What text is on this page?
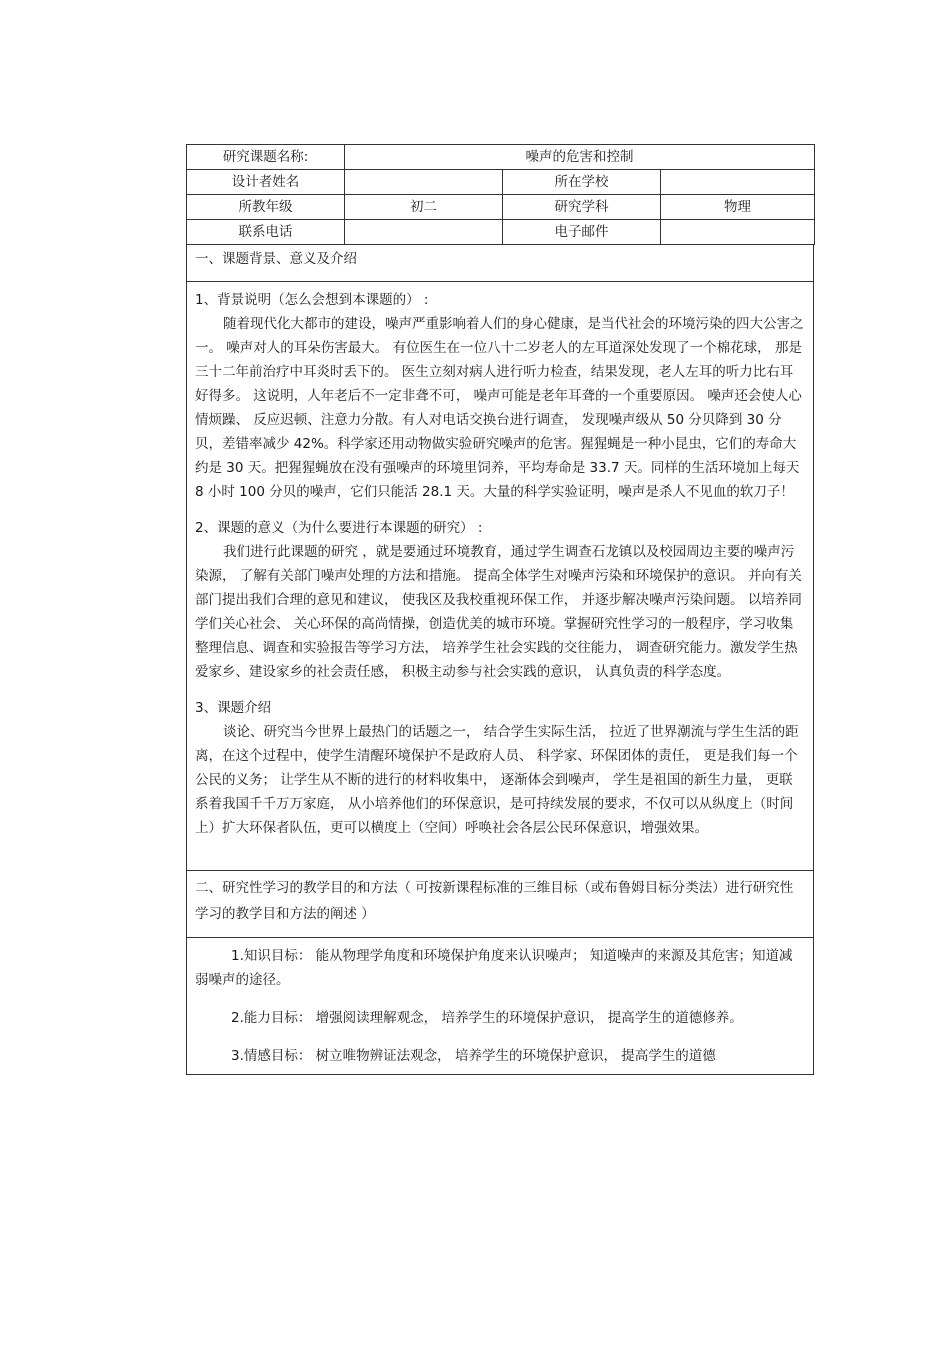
研究课题名称:	噪声的危害和控制		
设计者姓名		所在学校	
所教年级	初二	研究学科	物理
联系电话		电子邮件	
一、课题背景、意义及介绍

1、背景说明（怎么会想到本课题的） :

随着现代化大都市的建设，噪声严重影响着人们的身心健康，是当代社会的环境污染的四大公害之一。 噪声对人的耳朵伤害最大。 有位医生在一位八十二岁老人的左耳道深处发现了一个棉花球， 那是三十二年前治疗中耳炎时丢下的。 医生立刻对病人进行听力检查，结果发现，老人左耳的听力比右耳好得多。 这说明，人年老后不一定非聋不可， 噪声可能是老年耳聋的一个重要原因。 噪声还会使人心情烦躁、 反应迟顿、注意力分散。有人对电话交换台进行调查， 发现噪声级从 50 分贝降到 30 分贝，差错率减少 42%。科学家还用动物做实验研究噪声的危害。猩猩蝇是一种小昆虫，它们的寿命大约是 30 天。把猩猩蝇放在没有强噪声的环境里饲养，平均寿命是 33.7 天。同样的生活环境加上每天 8 小时 100 分贝的噪声，它们只能活 28.1 天。大量的科学实验证明，噪声是杀人不见血的软刀子！

2、课题的意义（为什么要进行本课题的研究） :

我们进行此课题的研究 ，就是要通过环境教育，通过学生调查石龙镇以及校园周边主要的噪声污染源， 了解有关部门噪声处理的方法和措施。 提高全体学生对噪声污染和环境保护的意识。 并向有关部门提出我们合理的意见和建议， 使我区及我校重视环保工作， 并逐步解决噪声污染问题。 以培养同学们关心社会、 关心环保的高尚情操，创造优美的城市环境。掌握研究性学习的一般程序，学习收集整理信息、调查和实验报告等学习方法， 培养学生社会实践的交往能力， 调查研究能力。激发学生热爱家乡、建设家乡的社会责任感， 积极主动参与社会实践的意识， 认真负责的科学态度。

3、课题介绍

谈论、研究当今世界上最热门的话题之一， 结合学生实际生活， 拉近了世界潮流与学生生活的距离，在这个过程中，使学生清醒环境保护不是政府人员、 科学家、环保团体的责任， 更是我们每一个公民的义务； 让学生从不断的进行的材料收集中， 逐渐体会到噪声， 学生是祖国的新生力量， 更联系着我国千千万万家庭， 从小培养他们的环保意识，是可持续发展的要求，不仅可以从纵度上（时间上）扩大环保者队伍，更可以横度上（空间）呼唤社会各层公民环保意识，增强效果。

二、研究性学习的教学目的和方法（ 可按新课程标准的三维目标（或布鲁姆目标分类法）进行研究性学习的教学目和方法的阐述 ）

1.知识目标： 能从物理学角度和环境保护角度来认识噪声； 知道噪声的来源及其危害；知道减弱噪声的途径。

2.能力目标： 增强阅读理解观念， 培养学生的环境保护意识， 提高学生的道德修养。

3.情感目标： 树立唯物辨证法观念， 培养学生的环境保护意识， 提高学生的道德
